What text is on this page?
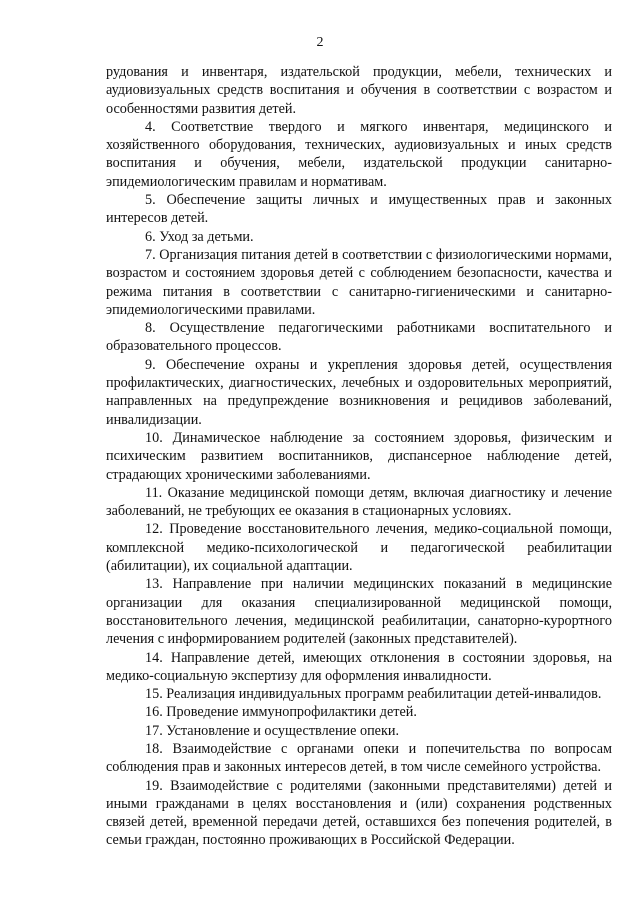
2

рудования и инвентаря, издательской продукции, мебели, технических и аудиовизуальных средств воспитания и обучения в соответствии с возрастом и особенностями развития детей.

4. Соответствие твердого и мягкого инвентаря, медицинского и хозяйственного оборудования, технических, аудиовизуальных и иных средств воспитания и обучения, мебели, издательской продукции санитарно-эпидемиологическим правилам и нормативам.

5. Обеспечение защиты личных и имущественных прав и законных интересов детей.

6. Уход за детьми.

7. Организация питания детей в соответствии с физиологическими нормами, возрастом и состоянием здоровья детей с соблюдением безопасности, качества и режима питания в соответствии с санитарно-гигиеническими и санитарно-эпидемиологическими правилами.

8. Осуществление педагогическими работниками воспитательного и образовательного процессов.

9. Обеспечение охраны и укрепления здоровья детей, осуществления профилактических, диагностических, лечебных и оздоровительных мероприятий, направленных на предупреждение возникновения и рецидивов заболеваний, инвалидизации.

10. Динамическое наблюдение за состоянием здоровья, физическим и психическим развитием воспитанников, диспансерное наблюдение детей, страдающих хроническими заболеваниями.

11. Оказание медицинской помощи детям, включая диагностику и лечение заболеваний, не требующих ее оказания в стационарных условиях.

12. Проведение восстановительного лечения, медико-социальной помощи, комплексной медико-психологической и педагогической реабилитации (абилитации), их социальной адаптации.

13. Направление при наличии медицинских показаний в медицинские организации для оказания специализированной медицинской помощи, восстановительного лечения, медицинской реабилитации, санаторно-курортного лечения с информированием родителей (законных представителей).

14. Направление детей, имеющих отклонения в состоянии здоровья, на медико-социальную экспертизу для оформления инвалидности.

15. Реализация индивидуальных программ реабилитации детей-инвалидов.

16. Проведение иммунопрофилактики детей.

17. Установление и осуществление опеки.

18. Взаимодействие с органами опеки и попечительства по вопросам соблюдения прав и законных интересов детей, в том числе семейного устройства.

19. Взаимодействие с родителями (законными представителями) детей и иными гражданами в целях восстановления и (или) сохранения родственных связей детей, временной передачи детей, оставшихся без попечения родителей, в семьи граждан, постоянно проживающих в Российской Федерации.
